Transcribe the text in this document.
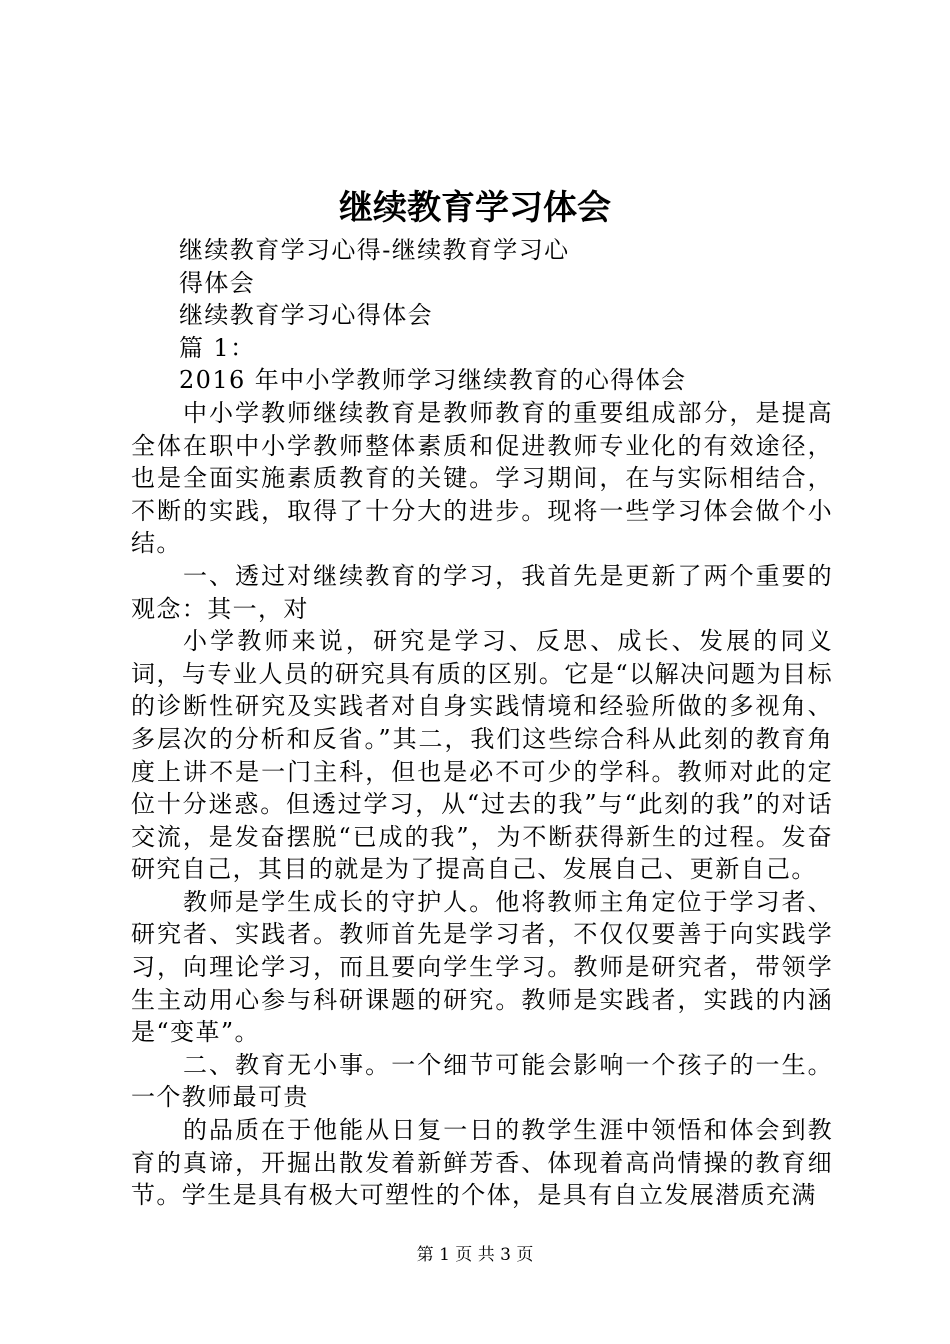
继续教育学习体会
继续教育学习心得-继续教育学习心
得体会
继续教育学习心得体会
篇 1：
2016 年中小学教师学习继续教育的心得体会

中小学教师继续教育是教师教育的重要组成部分，是提高全体在职中小学教师整体素质和促进教师专业化的有效途径，也是全面实施素质教育的关键。学习期间，在与实际相结合，不断的实践，取得了十分大的进步。现将一些学习体会做个小结。

一、透过对继续教育的学习，我首先是更新了两个重要的观念：其一，对

小学教师来说，研究是学习、反思、成长、发展的同义词，与专业人员的研究具有质的区别。它是“以解决问题为目标的诊断性研究及实践者对自身实践情境和经验所做的多视角、多层次的分析和反省。”其二，我们这些综合科从此刻的教育角度上讲不是一门主科，但也是必不可少的学科。教师对此的定位十分迷惑。但透过学习，从“过去的我”与“此刻的我”的对话交流，是发奋摆脱“已成的我”，为不断获得新生的过程。发奋研究自己，其目的就是为了提高自己、发展自己、更新自己。

教师是学生成长的守护人。他将教师主角定位于学习者、研究者、实践者。教师首先是学习者，不仅仅要善于向实践学习，向理论学习，而且要向学生学习。教师是研究者，带领学生主动用心参与科研课题的研究。教师是实践者，实践的内涵是“变革”。

二、教育无小事。一个细节可能会影响一个孩子的一生。一个教师最可贵

的品质在于他能从日复一日的教学生涯中领悟和体会到教育的真谛，开掘出散发着新鲜芳香、体现着高尚情操的教育细节。学生是具有极大可塑性的个体，是具有自立发展潜质充满

第 1 页 共 3 页
